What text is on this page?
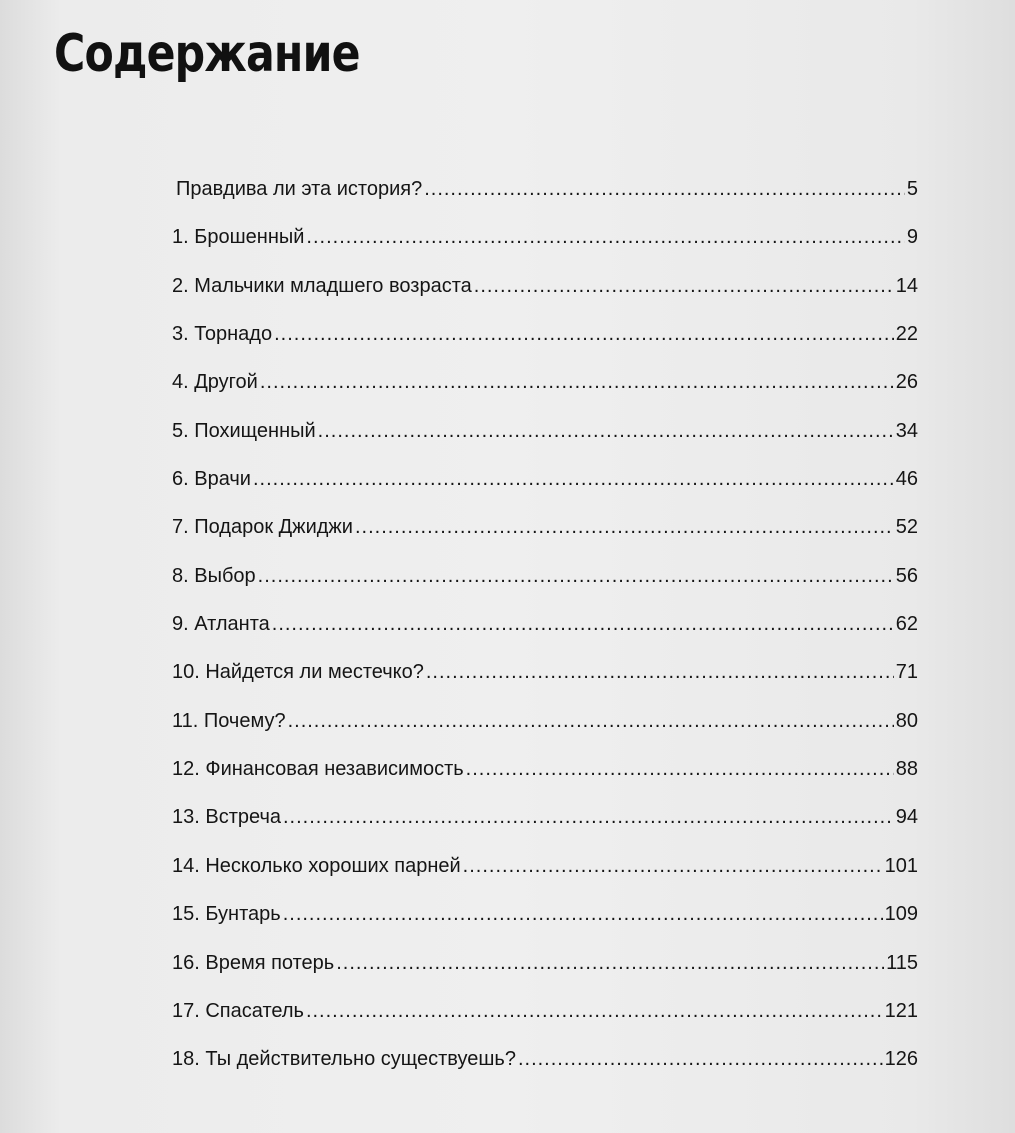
Содержание
Правдива ли эта история? .....	5
1. Брошенный .....	9
2. Мальчики младшего возраста .....	14
3. Торнадо .....	22
4. Другой .....	26
5. Похищенный .....	34
6. Врачи .....	46
7. Подарок Джиджи .....	52
8. Выбор .....	56
9. Атланта .....	62
10. Найдется ли местечко? .....	71
11. Почему? .....	80
12. Финансовая независимость .....	88
13. Встреча .....	94
14. Несколько хороших парней .....	101
15. Бунтарь .....	109
16. Время потерь .....	115
17. Спасатель .....	121
18. Ты действительно существуешь? .....	126
